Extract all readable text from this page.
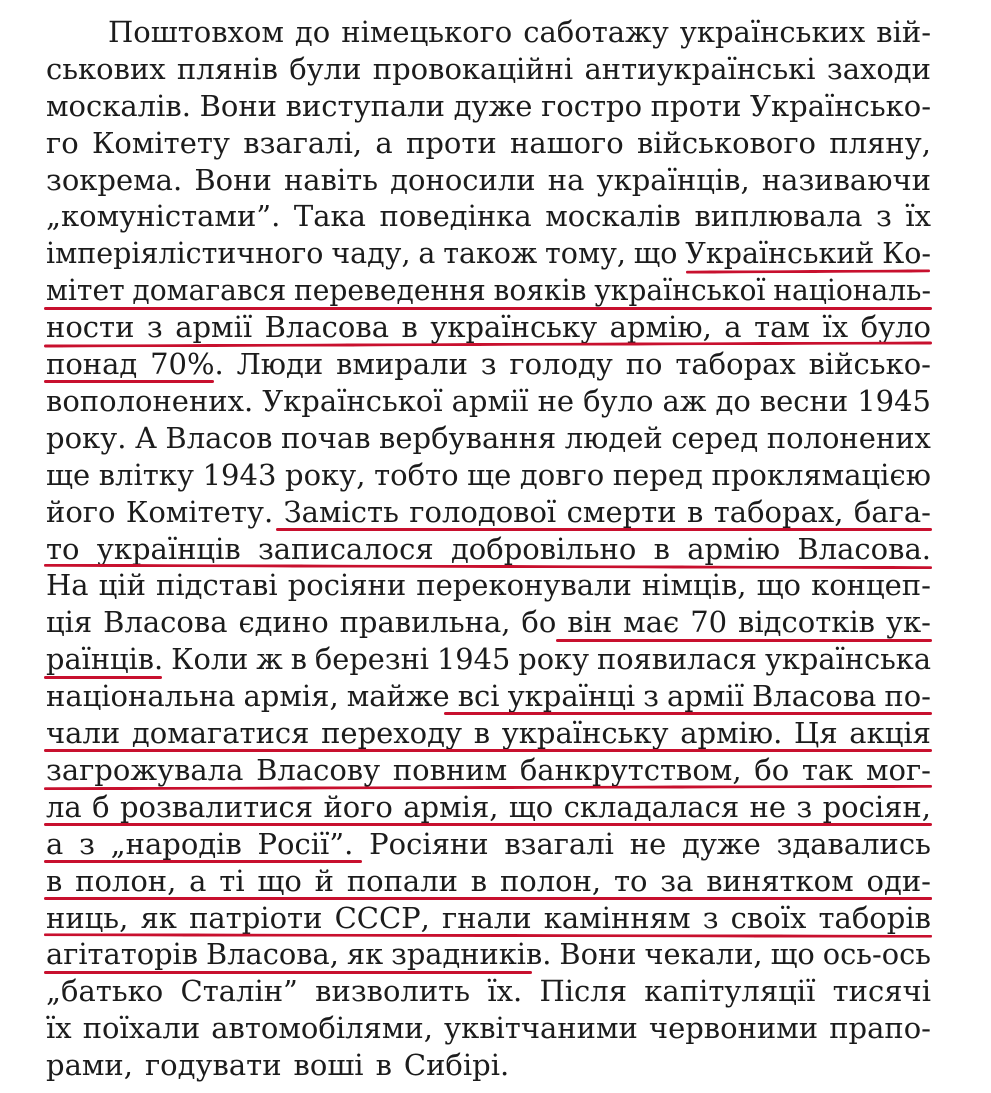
Поштовхом до німецького саботажу українських вій-
ськових плянів були провокаційні антиукраїнські заходи
москалів. Вони виступали дуже гостро проти Українсько-
го Комітету взагалі, а проти нашого військового пляну,
зокрема. Вони навіть доносили на українців, називаючи
„комуністами”. Така поведінка москалів виплювала з їх
імперіялістичного чаду, а також тому, що Український Ко-
мітет домагався переведення вояків української національ-
ности з армії Власова в українську армію, а там їх було
понад 70%. Люди вмирали з голоду по таборах військо-
вополонених. Української армії не було аж до весни 1945
року. А Власов почав вербування людей серед полонених
ще влітку 1943 року, тобто ще довго перед проклямацією
його Комітету. Замість голодової смерти в таборах, бага-
то українців записалося добровільно в армію Власова.
На цій підставі росіяни переконували німців, що концеп-
ція Власова єдино правильна, бо він має 70 відсотків ук-
раїнців. Коли ж в березні 1945 року появилася українська
національна армія, майже всі українці з армії Власова по-
чали домагатися переходу в українську армію. Ця акція
загрожувала Власову повним банкрутством, бо так мог-
ла б розвалитися його армія, що складалася не з росіян,
а з „народів Росії”. Росіяни взагалі не дуже здавались
в полон, а ті що й попали в полон, то за винятком оди-
ниць, як патріоти СССР, гнали камінням з своїх таборів
агітаторів Власова, як зрадників. Вони чекали, що ось-ось
„батько Сталін” визволить їх. Після капітуляції тисячі
їх поїхали автомобілями, уквітчаними червоними прапо-
рами, годувати воші в Сибірі.
